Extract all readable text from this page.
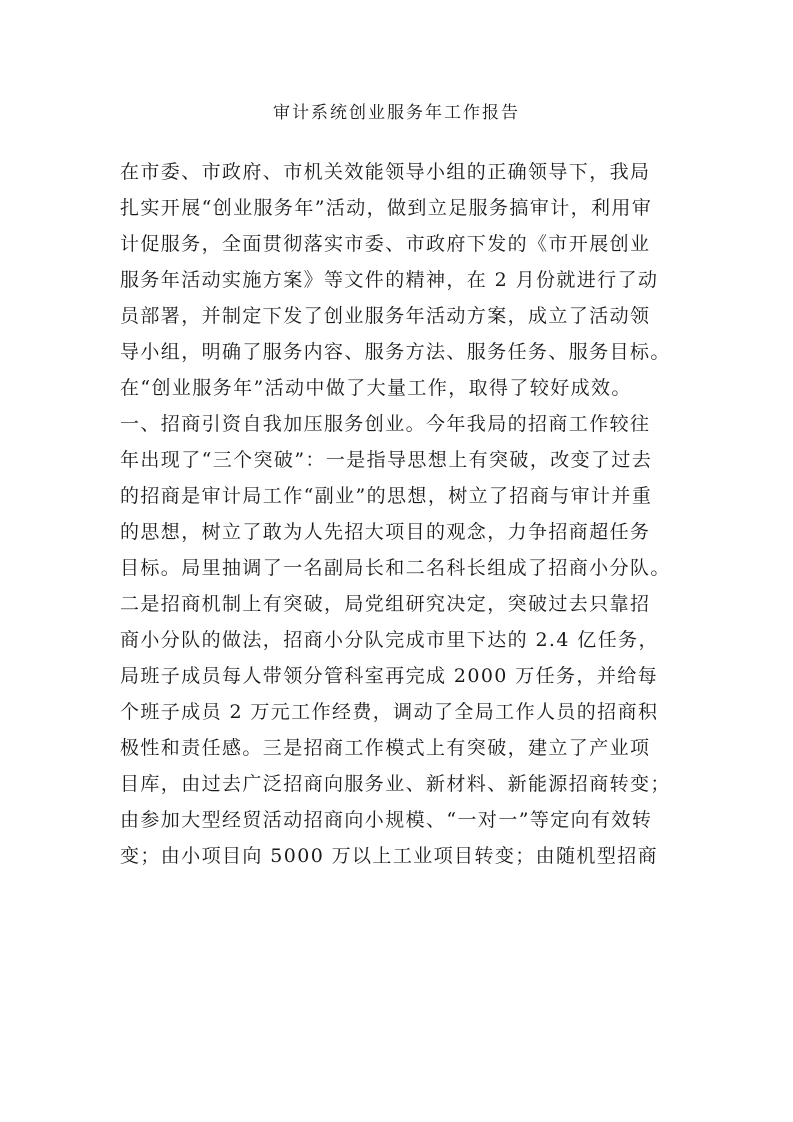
审计系统创业服务年工作报告
在市委、市政府、市机关效能领导小组的正确领导下，我局
扎实开展“创业服务年”活动，做到立足服务搞审计，利用审
计促服务，全面贯彻落实市委、市政府下发的《市开展创业
服务年活动实施方案》等文件的精神，在 2 月份就进行了动
员部署，并制定下发了创业服务年活动方案，成立了活动领
导小组，明确了服务内容、服务方法、服务任务、服务目标。
在“创业服务年”活动中做了大量工作，取得了较好成效。
一、招商引资自我加压服务创业。今年我局的招商工作较往
年出现了“三个突破”：一是指导思想上有突破，改变了过去
的招商是审计局工作“副业”的思想，树立了招商与审计并重
的思想，树立了敢为人先招大项目的观念，力争招商超任务
目标。局里抽调了一名副局长和二名科长组成了招商小分队。
二是招商机制上有突破，局党组研究决定，突破过去只靠招
商小分队的做法，招商小分队完成市里下达的 2.4 亿任务，
局班子成员每人带领分管科室再完成 2000 万任务，并给每
个班子成员 2 万元工作经费，调动了全局工作人员的招商积
极性和责任感。三是招商工作模式上有突破，建立了产业项
目库，由过去广泛招商向服务业、新材料、新能源招商转变；
由参加大型经贸活动招商向小规模、“一对一”等定向有效转
变；由小项目向 5000 万以上工业项目转变；由随机型招商
